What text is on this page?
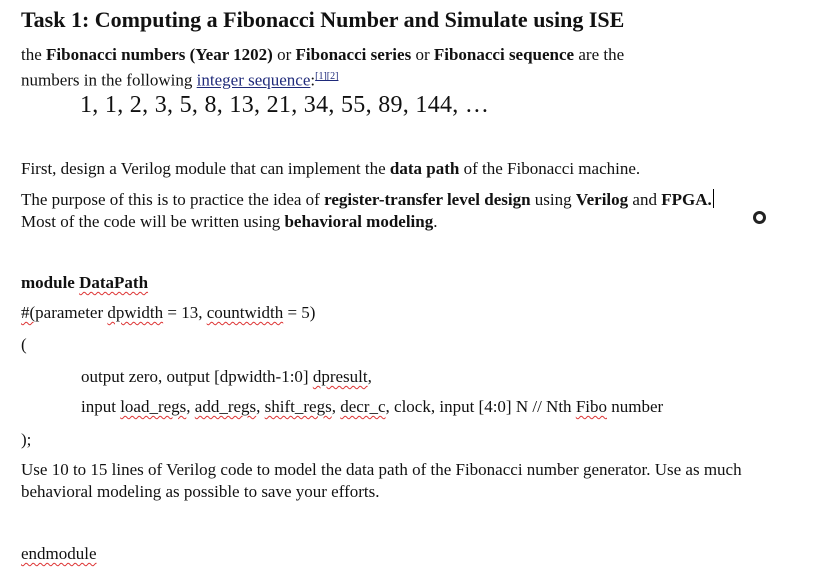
Task 1: Computing a Fibonacci Number and Simulate using ISE
the Fibonacci numbers (Year 1202) or Fibonacci series or Fibonacci sequence are the
numbers in the following integer sequence:[1][2]
1, 1, 2, 3, 5, 8, 13, 21, 34, 55, 89, 144, …
First, design a Verilog module that can implement the data path of the Fibonacci machine.
The purpose of this is to practice the idea of register-transfer level design using Verilog and FPGA.
Most of the code will be written using behavioral modeling.
module DataPath
#(parameter dpwidth = 13, countwidth = 5)
(
output zero, output [dpwidth-1:0] dpresult,
input load_regs, add_regs, shift_regs, decr_c, clock, input [4:0] N // Nth Fibo number
);
Use 10 to 15 lines of Verilog code to model the data path of the Fibonacci number generator. Use as much
behavioral modeling as possible to save your efforts.
endmodule
